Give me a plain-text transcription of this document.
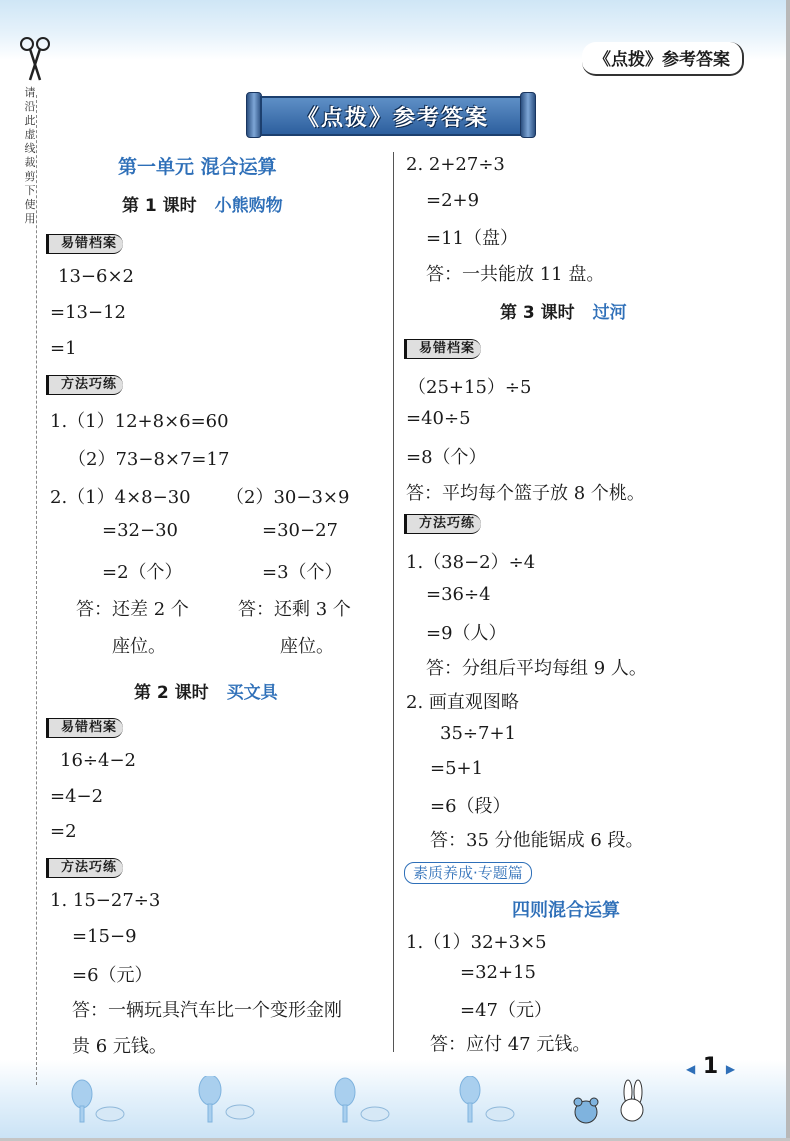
《点拨》参考答案
请沿此虚线裁剪下使用
《点拨》参考答案
第一单元 混合运算
第 1 课时 小熊购物
易错档案
13−6×2
=13−12
=1
方法巧练
1.（1）12+8×6=60
（2）73−8×7=17
2.（1）4×8−30
=32−30
=2（个）
答：还差 2 个
座位。
（2）30−3×9
=30−27
=3（个）
答：还剩 3 个
座位。
第 2 课时 买文具
易错档案
16÷4−2
=4−2
=2
方法巧练
1. 15−27÷3
=15−9
=6（元）
答：一辆玩具汽车比一个变形金刚
贵 6 元钱。
2. 2+27÷3
=2+9
=11（盘）
答：一共能放 11 盘。
第 3 课时 过河
易错档案
（25+15）÷5
=40÷5
=8（个）
答：平均每个篮子放 8 个桃。
方法巧练
1.（38−2）÷4
=36÷4
=9（人）
答：分组后平均每组 9 人。
2. 画直观图略
35÷7+1
=5+1
=6（段）
答：35 分他能锯成 6 段。
素质养成·专题篇
四则混合运算
1.（1）32+3×5
=32+15
=47（元）
答：应付 47 元钱。
◀ 1 ▶
